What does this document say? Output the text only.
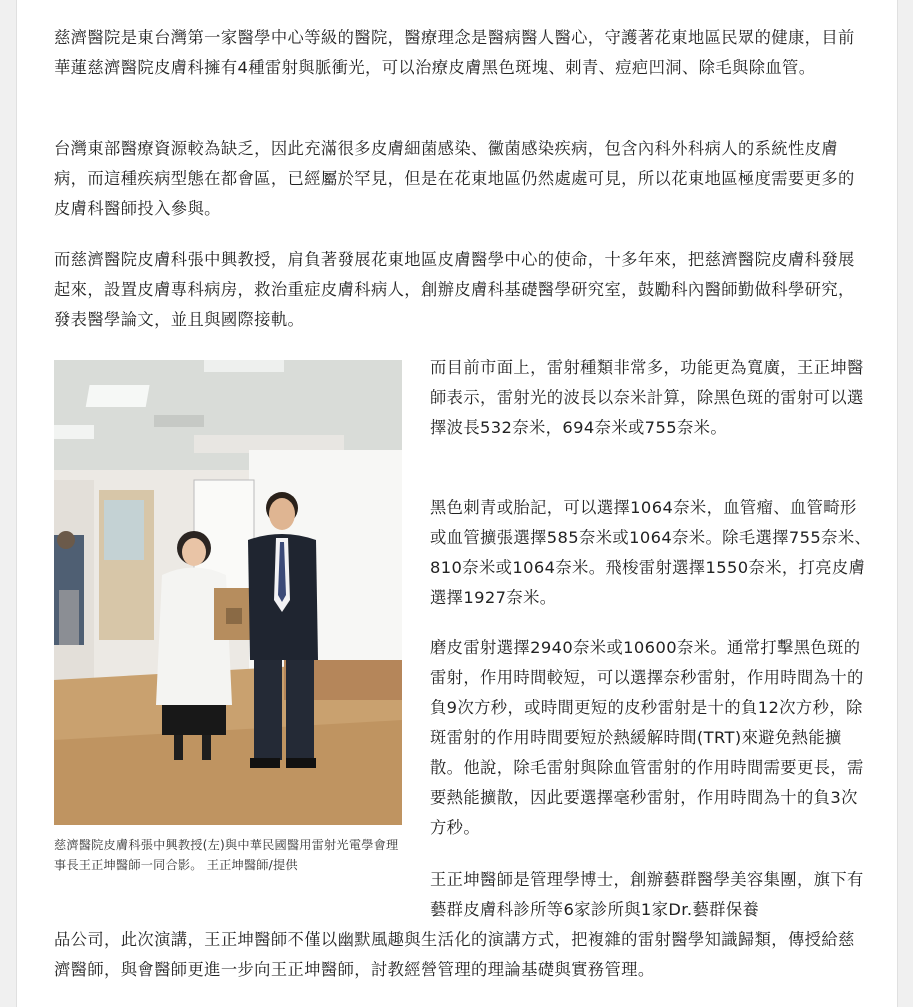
慈濟醫院是東台灣第一家醫學中心等級的醫院，醫療理念是醫病醫人醫心，守護著花東地區民眾的健康，目前華蓮慈濟醫院皮膚科擁有4種雷射與脈衝光，可以治療皮膚黑色斑塊、刺青、痘疤凹洞、除毛與除血管。

台灣東部醫療資源較為缺乏，因此充滿很多皮膚細菌感染、黴菌感染疾病，包含內科外科病人的系統性皮膚病，而這種疾病型態在都會區，已經屬於罕見，但是在花東地區仍然處處可見，所以花東地區極度需要更多的皮膚科醫師投入參與。

而慈濟醫院皮膚科張中興教授，肩負著發展花東地區皮膚醫學中心的使命，十多年來，把慈濟醫院皮膚科發展起來，設置皮膚專科病房，救治重症皮膚科病人，創辦皮膚科基礎醫學研究室，鼓勵科內醫師勤做科學研究，發表醫學論文，並且與國際接軌。

慈濟醫院皮膚科張中興教授(左)與中華民國醫用雷射光電學會理事長王正坤醫師一同合影。 王正坤醫師/提供

而目前市面上，雷射種類非常多，功能更為寬廣，王正坤醫師表示，雷射光的波長以奈米計算，除黑色斑的雷射可以選擇波長532奈米，694奈米或755奈米。

黑色刺青或胎記，可以選擇1064奈米，血管瘤、血管畸形或血管擴張選擇585奈米或1064奈米。除毛選擇755奈米、810奈米或1064奈米。飛梭雷射選擇1550奈米，打亮皮膚選擇1927奈米。

磨皮雷射選擇2940奈米或10600奈米。通常打擊黑色斑的雷射，作用時間較短，可以選擇奈秒雷射，作用時間為十的負9次方秒，或時間更短的皮秒雷射是十的負12次方秒，除斑雷射的作用時間要短於熱緩解時間(TRT)來避免熱能擴散。他說，除毛雷射與除血管雷射的作用時間需要更長，需要熱能擴散，因此要選擇毫秒雷射，作用時間為十的負3次方秒。

王正坤醫師是管理學博士，創辦藝群醫學美容集團，旗下有藝群皮膚科診所等6家診所與1家Dr.藝群保養

品公司，此次演講，王正坤醫師不僅以幽默風趣與生活化的演講方式，把複雜的雷射醫學知識歸類，傳授給慈濟醫師，與會醫師更進一步向王正坤醫師，討教經營管理的理論基礎與實務管理。
